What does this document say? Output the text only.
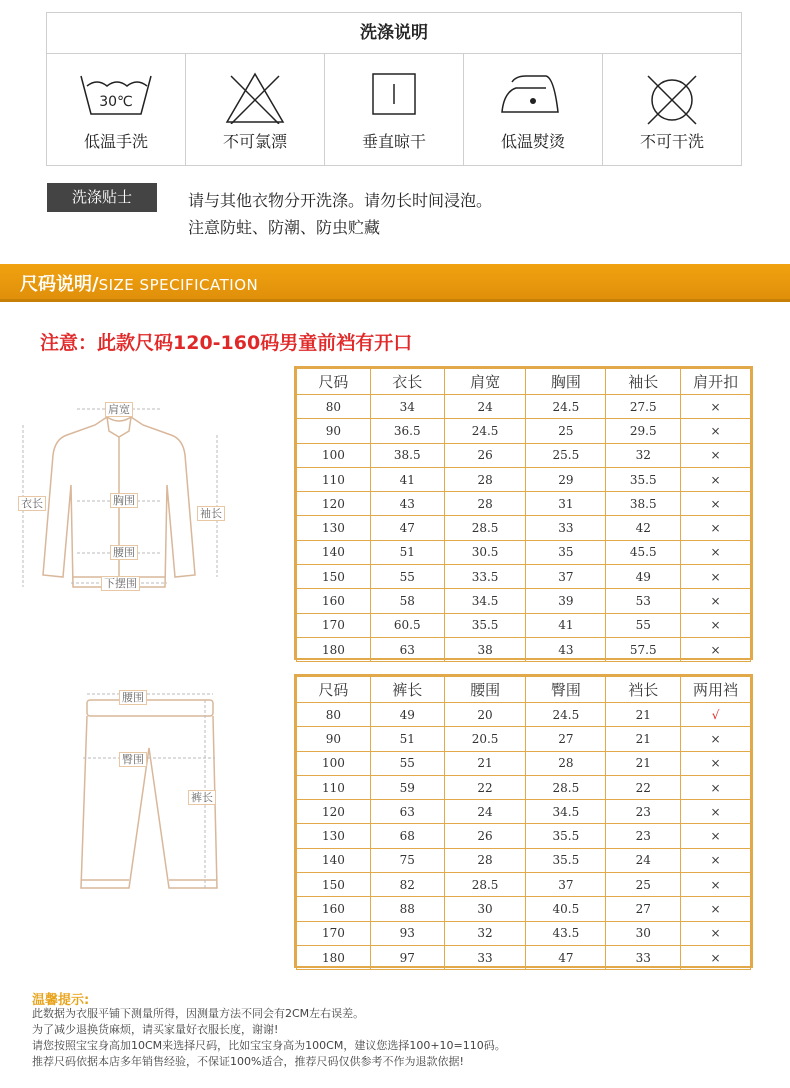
洗涤说明
30℃
低温手洗	不可氯漂	垂直晾干	低温熨烫	不可干洗
洗涤贴士	请与其他衣物分开洗涤。请勿长时间浸泡。
注意防蛀、防潮、防虫贮藏
尺码说明/SIZE SPECIFICATION
注意：此款尺码120-160码男童前裆有开口
肩宽
衣长	胸围
袖长
腰围
下摆围
腰围
臀围
裤长
尺码	衣长	肩宽	胸围	袖长	肩开扣
80	34	24	24.5	27.5	×
90	36.5	24.5	25	29.5	×
100	38.5	26	25.5	32	×
110	41	28	29	35.5	×
120	43	28	31	38.5	×
130	47	28.5	33	42	×
140	51	30.5	35	45.5	×
150	55	33.5	37	49	×
160	58	34.5	39	53	×
170	60.5	35.5	41	55	×
180	63	38	43	57.5	×
尺码	裤长	腰围	臀围	裆长	两用裆
80	49	20	24.5	21	√
90	51	20.5	27	21	×
100	55	21	28	21	×
110	59	22	28.5	22	×
120	63	24	34.5	23	×
130	68	26	35.5	23	×
140	75	28	35.5	24	×
150	82	28.5	37	25	×
160	88	30	40.5	27	×
170	93	32	43.5	30	×
180	97	33	47	33	×
温馨提示:
此数据为衣服平铺下测量所得，因测量方法不同会有2CM左右误差。
为了减少退换货麻烦，请买家量好衣服长度，谢谢!
请您按照宝宝身高加10CM来选择尺码，比如宝宝身高为100CM，建议您选择100+10=110码。
推荐尺码依据本店多年销售经验，不保证100%适合，推荐尺码仅供参考不作为退款依据!
